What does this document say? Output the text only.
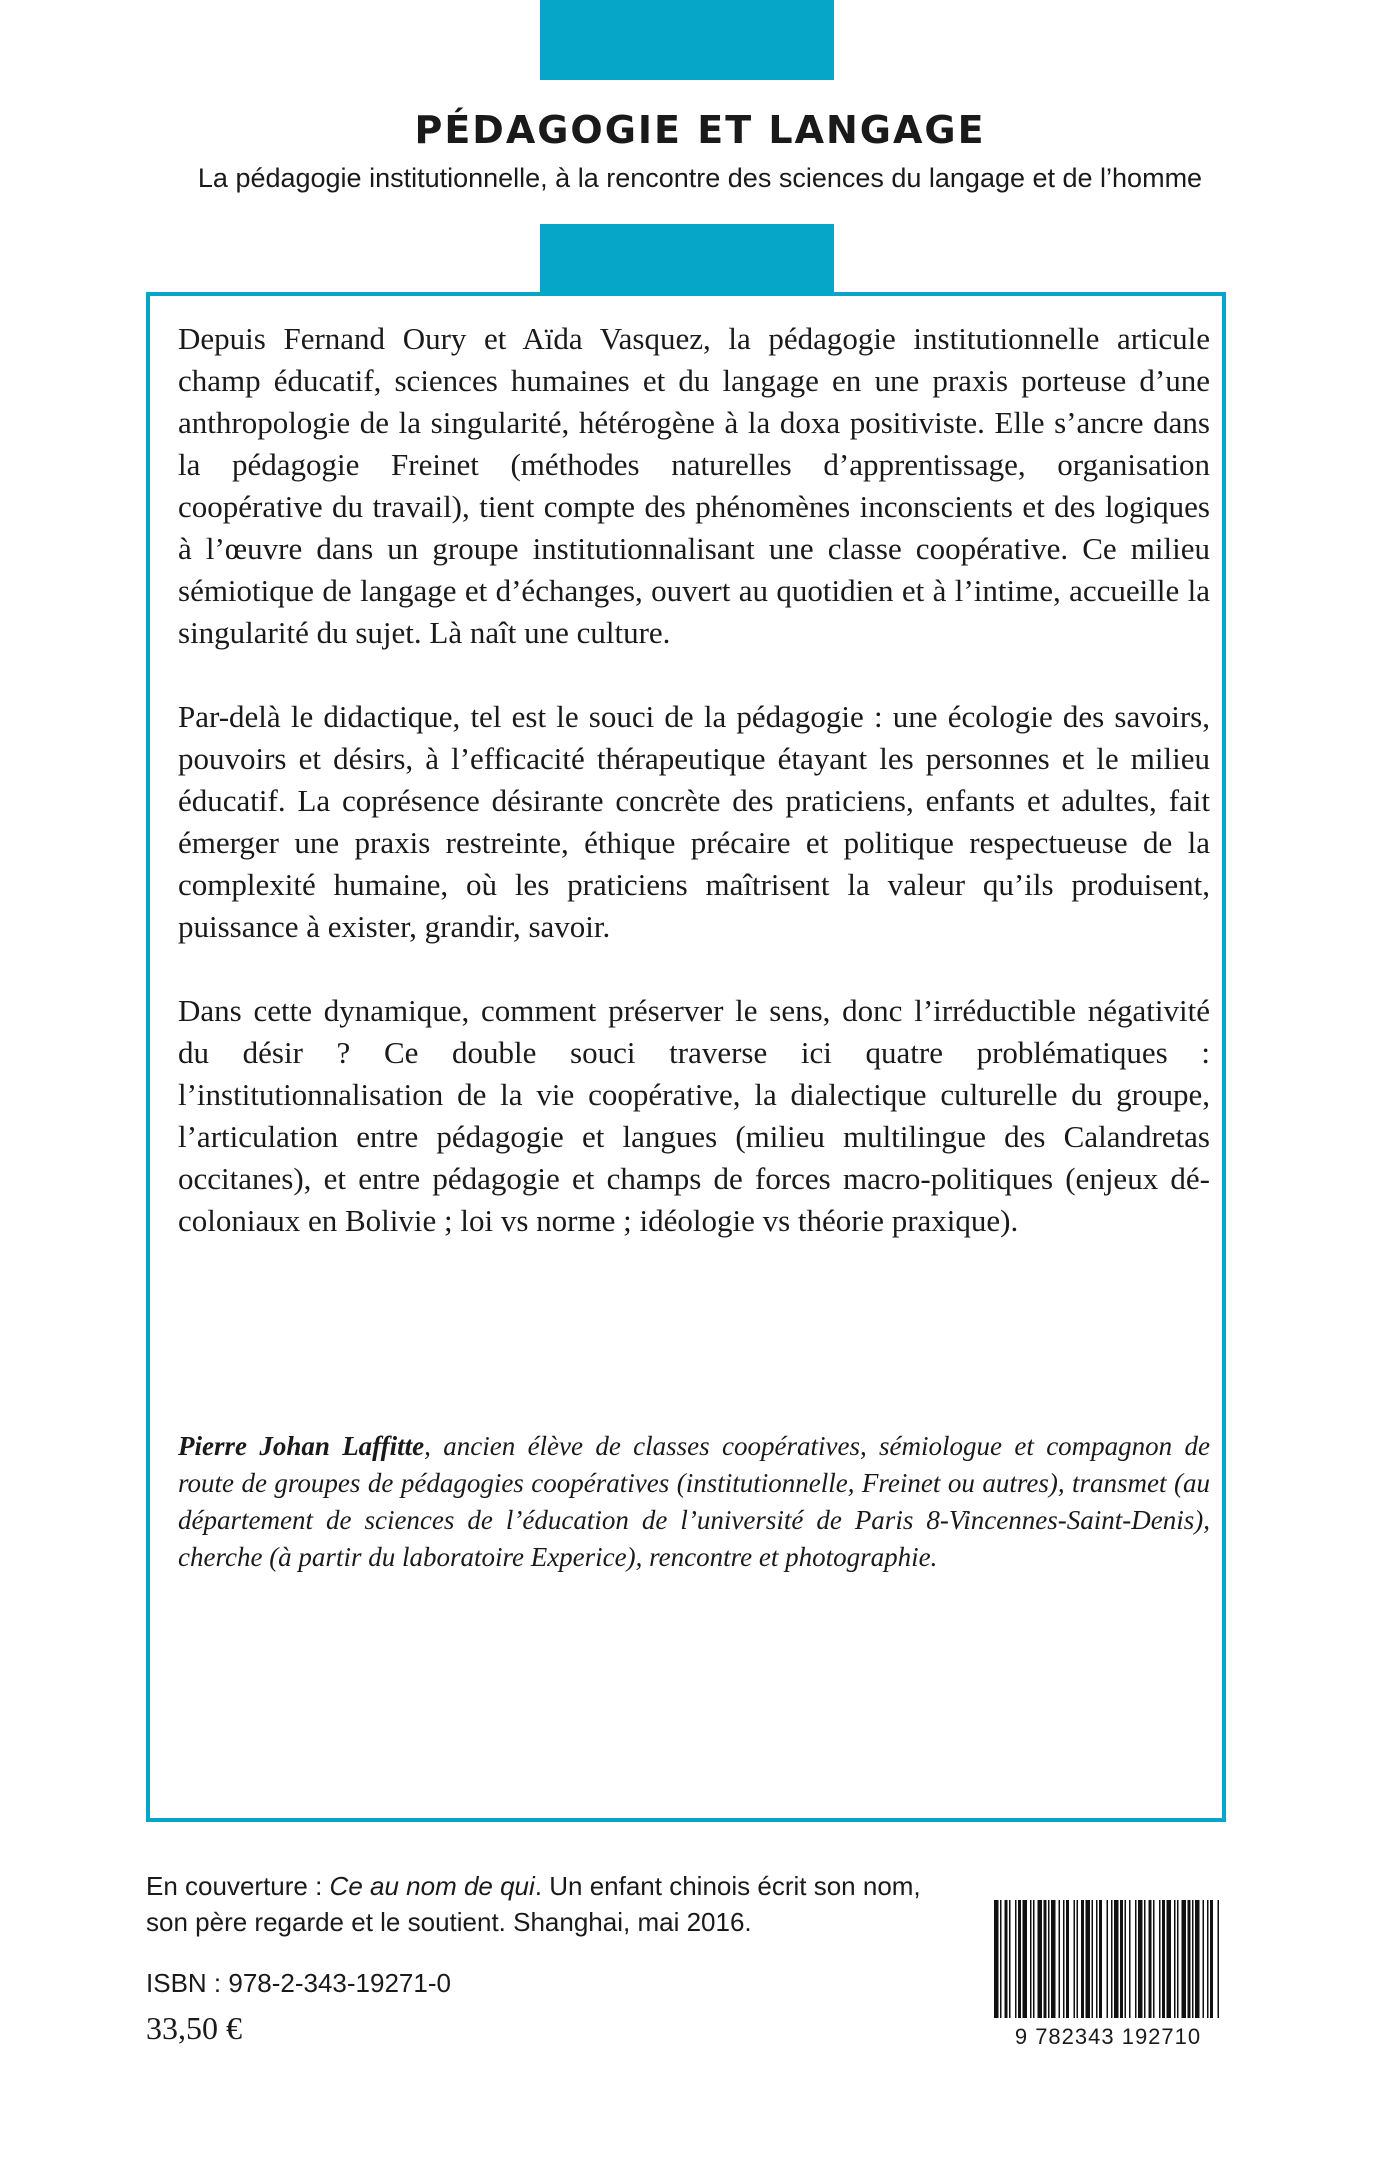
PÉDAGOGIE ET LANGAGE

La pédagogie institutionnelle, à la rencontre des sciences du langage et de l’homme

Depuis Fernand Oury et Aïda Vasquez, la pédagogie institutionnelle articule champ éducatif, sciences humaines et du langage en une praxis porteuse d’une anthropologie de la singularité, hétérogène à la doxa positiviste. Elle s’ancre dans la pédagogie Freinet (méthodes naturelles d’apprentissage, organisation coopérative du travail), tient compte des phénomènes inconscients et des logiques à l’œuvre dans un groupe institutionnalisant une classe coopérative. Ce milieu sémiotique de langage et d’échanges, ouvert au quotidien et à l’intime, accueille la singularité du sujet. Là naît une culture.

Par-delà le didactique, tel est le souci de la pédagogie : une écologie des savoirs, pouvoirs et désirs, à l’efficacité thérapeutique étayant les personnes et le milieu éducatif. La coprésence désirante concrète des praticiens, enfants et adultes, fait émerger une praxis restreinte, éthique précaire et politique respectueuse de la complexité humaine, où les praticiens maîtrisent la valeur qu’ils produisent, puissance à exister, grandir, savoir.

Dans cette dynamique, comment préserver le sens, donc l’irréductible négativité du désir ? Ce double souci traverse ici quatre problématiques : l’institutionnalisation de la vie coopérative, la dialectique culturelle du groupe, l’articulation entre pédagogie et langues (milieu multilingue des Calandretas occitanes), et entre pédagogie et champs de forces macro-politiques (enjeux dé-coloniaux en Bolivie ; loi vs norme ; idéologie vs théorie praxique).

Pierre Johan Laffitte, ancien élève de classes coopératives, sémiologue et compagnon de route de groupes de pédagogies coopératives (institutionnelle, Freinet ou autres), transmet (au département de sciences de l’éducation de l’université de Paris 8-Vincennes-Saint-Denis), cherche (à partir du laboratoire Experice), rencontre et photographie.

En couverture : Ce au nom de qui. Un enfant chinois écrit son nom, son père regarde et le soutient. Shanghai, mai 2016.

ISBN : 978-2-343-19271-0

33,50 €	9 782343 192710
